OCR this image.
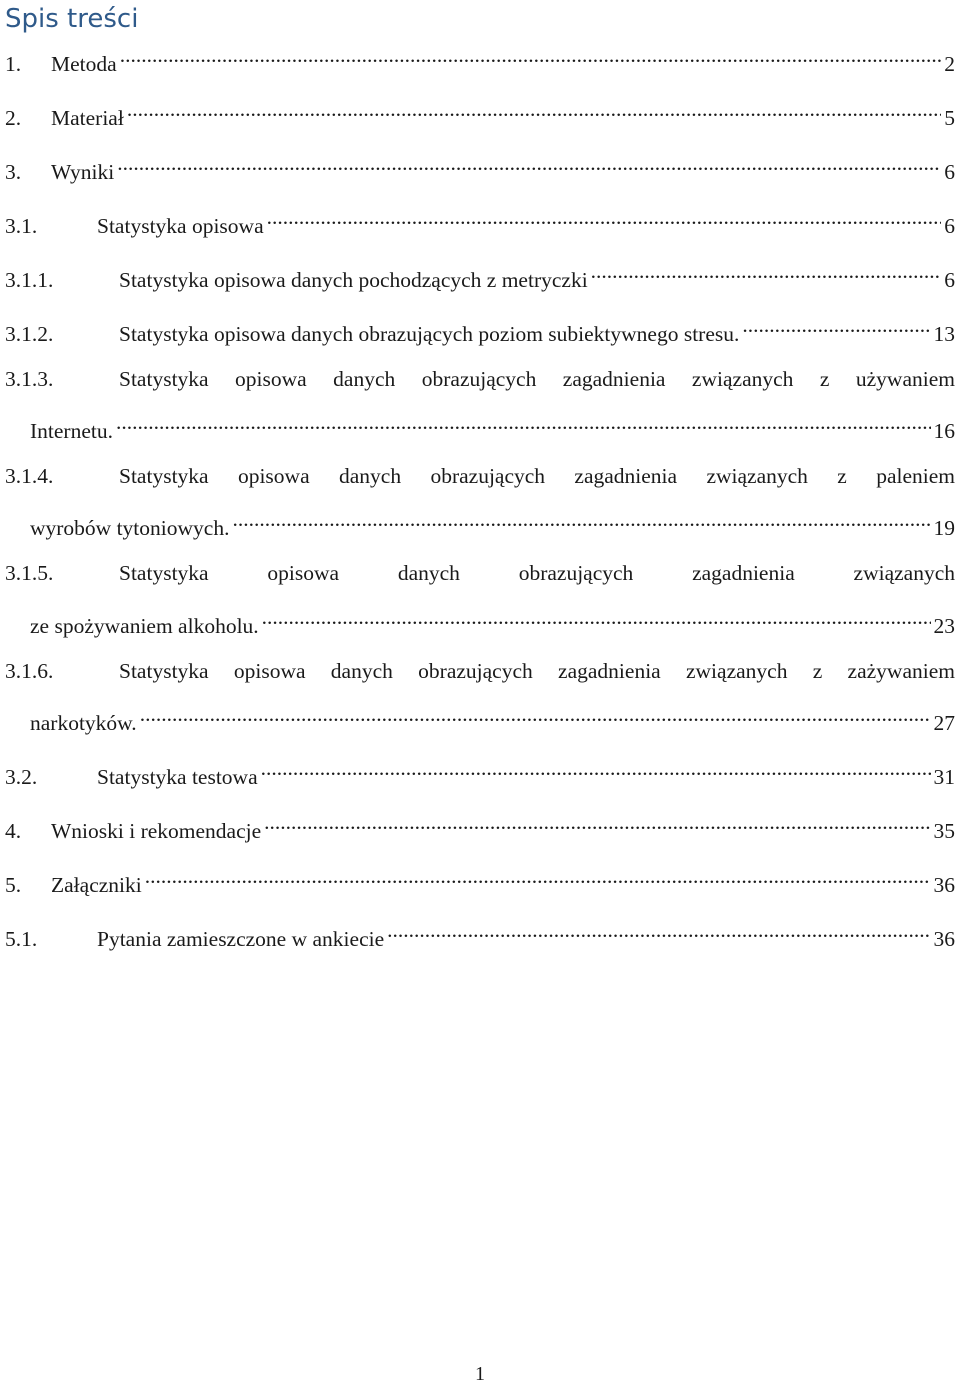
Spis treści
1.	Metoda .....	2
2.	Materiał .....	5
3.	Wyniki .....	6
3.1.	Statystyka opisowa .....	6
3.1.1.	Statystyka opisowa danych pochodzących z metryczki .....	6
3.1.2.	Statystyka opisowa danych obrazujących poziom subiektywnego stresu. .....	13
3.1.3.	Statystyka opisowa danych obrazujących zagadnienia związanych z używaniem
Internetu. .....	16
3.1.4.	Statystyka opisowa danych obrazujących zagadnienia związanych z paleniem
wyrobów tytoniowych. .....	19
3.1.5.	Statystyka opisowa danych obrazujących zagadnienia związanych
ze spożywaniem alkoholu. .....	23
3.1.6.	Statystyka opisowa danych obrazujących zagadnienia związanych z zażywaniem
narkotyków. .....	27
3.2.	Statystyka testowa .....	31
4.	Wnioski i rekomendacje .....	35
5.	Załączniki .....	36
5.1.	Pytania zamieszczone w ankiecie .....	36
1
